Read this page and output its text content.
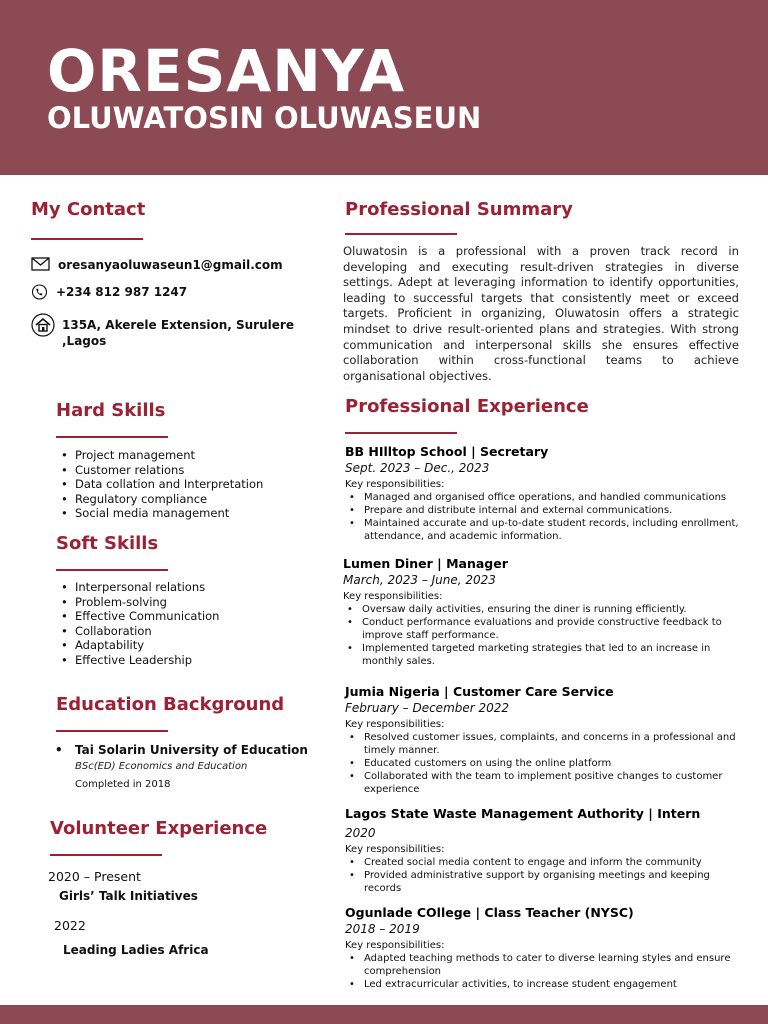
ORESANYA
OLUWATOSIN OLUWASEUN
My Contact
oresanyaoluwaseun1@gmail.com
+234 812 987 1247
135A, Akerele Extension, Surulere
,Lagos
Hard Skills
• Project management
• Customer relations
• Data collation and Interpretation
• Regulatory compliance
• Social media management
Soft Skills
• Interpersonal relations
• Problem-solving
• Effective Communication
• Collaboration
• Adaptability
• Effective Leadership
Education Background
• Tai Solarin University of Education
BSc(ED) Economics and Education
Completed in 2018
Volunteer Experience
2020 – Present
Girls’ Talk Initiatives
2022
Leading Ladies Africa
Professional Summary
Oluwatosin is a professional with a proven track record in developing and executing result-driven strategies in diverse settings. Adept at leveraging information to identify opportunities, leading to successful targets that consistently meet or exceed targets. Proficient in organizing, Oluwatosin offers a strategic mindset to drive result-oriented plans and strategies. With strong communication and interpersonal skills she ensures effective collaboration within cross-functional teams to achieve organisational objectives.
Professional Experience
BB HIlltop School | Secretary
Sept. 2023 – Dec., 2023
Key responsibilities:
• Managed and organised office operations, and handled communications
• Prepare and distribute internal and external communications.
• Maintained accurate and up-to-date student records, including enrollment, attendance, and academic information.
Lumen Diner | Manager
March, 2023 – June, 2023
Key responsibilities:
• Oversaw daily activities, ensuring the diner is running efficiently.
• Conduct performance evaluations and provide constructive feedback to improve staff performance.
• Implemented targeted marketing strategies that led to an increase in monthly sales.
Jumia Nigeria | Customer Care Service
February – December 2022
Key responsibilities:
• Resolved customer issues, complaints, and concerns in a professional and timely manner.
• Educated customers on using the online platform
• Collaborated with the team to implement positive changes to customer experience
Lagos State Waste Management Authority | Intern
2020
Key responsibilities:
• Created social media content to engage and inform the community
• Provided administrative support by organising meetings and keeping records
Ogunlade COllege | Class Teacher (NYSC)
2018 – 2019
Key responsibilities:
• Adapted teaching methods to cater to diverse learning styles and ensure comprehension
• Led extracurricular activities, to increase student engagement
